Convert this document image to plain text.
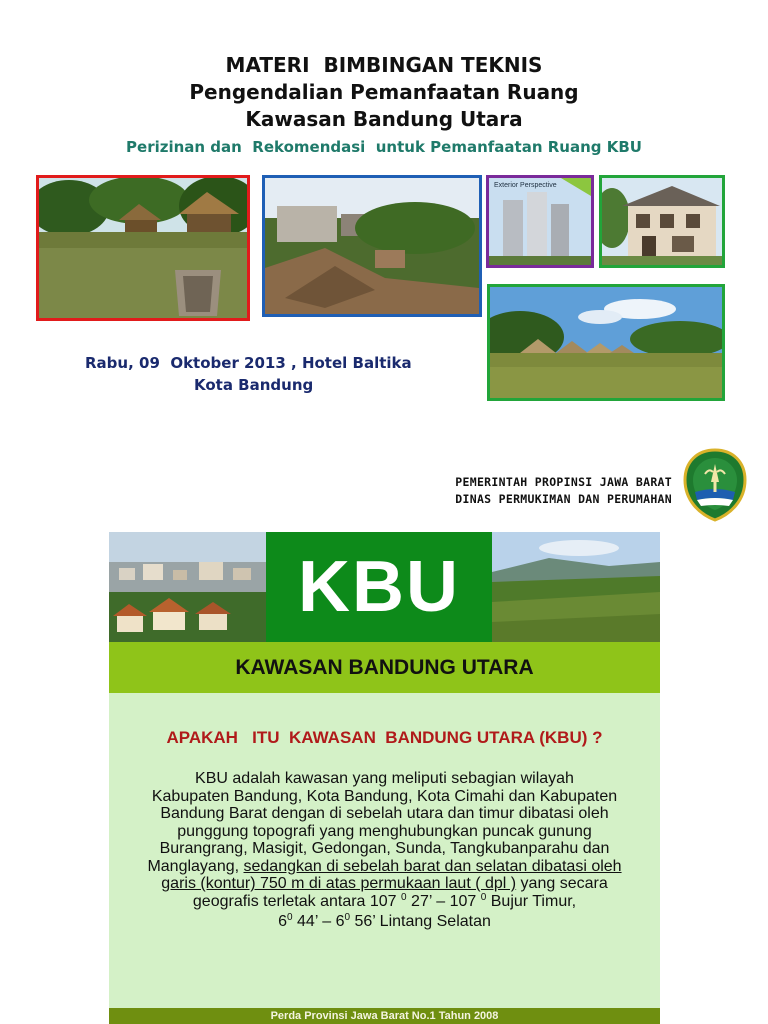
MATERI  BIMBINGAN TEKNIS
Pengendalian Pemanfaatan Ruang
Kawasan Bandung Utara
Perizinan dan  Rekomendasi  untuk Pemanfaatan Ruang KBU
Exterior Perspective
Rabu, 09  Oktober 2013 , Hotel Baltika
Kota Bandung
PEMERINTAH PROPINSI JAWA BARAT
DINAS PERMUKIMAN DAN PERUMAHAN
KBU
KAWASAN BANDUNG UTARA
APAKAH   ITU  KAWASAN  BANDUNG UTARA (KBU) ?
KBU adalah kawasan yang meliputi sebagian wilayah
Kabupaten Bandung, Kota Bandung, Kota Cimahi dan Kabupaten
Bandung Barat dengan di sebelah utara dan timur dibatasi oleh
punggung topografi yang menghubungkan puncak gunung
Burangrang, Masigit, Gedongan, Sunda, Tangkubanparahu dan
Manglayang, sedangkan di sebelah barat dan selatan dibatasi oleh
garis (kontur) 750 m di atas permukaan laut ( dpl ) yang secara
geografis terletak antara 107 $^0$ 27’ – 107 $^0$ Bujur Timur,
$6^0$ 44’ – $6^0$ 56’ Lintang Selatan
Perda Provinsi Jawa Barat No.1 Tahun 2008
